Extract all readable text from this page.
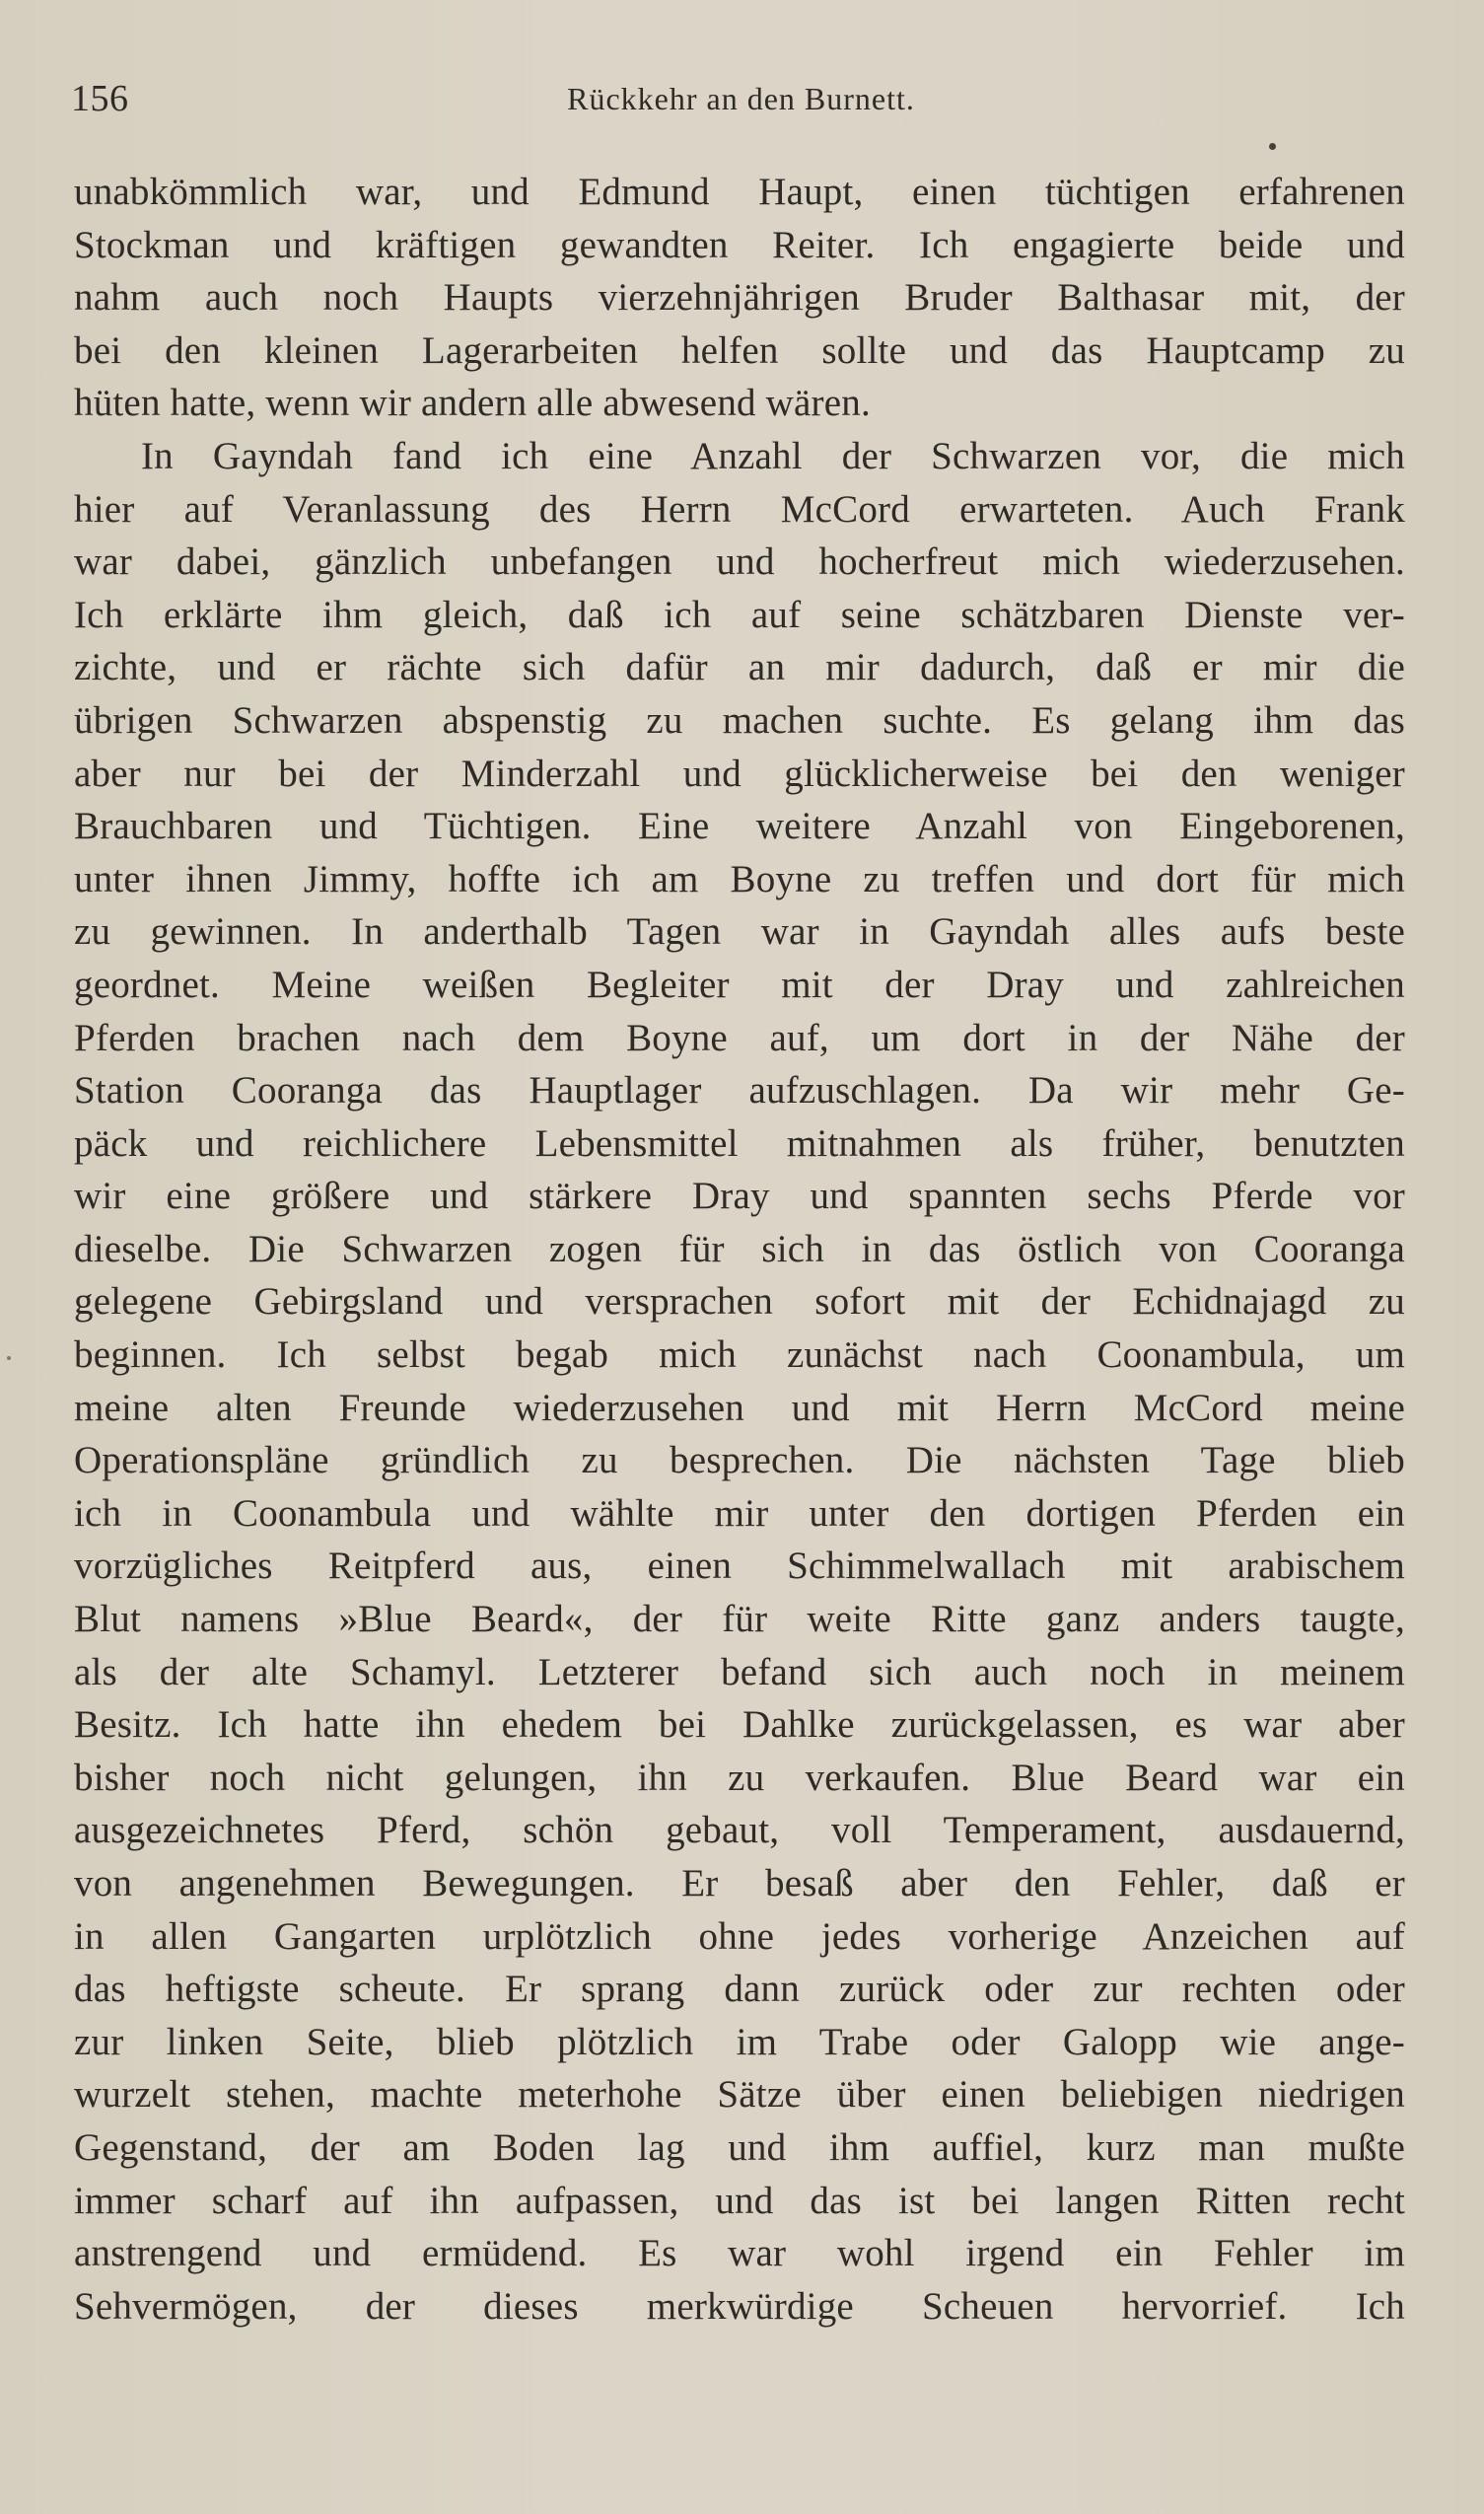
156	Rückkehr an den Burnett.
unabkömmlich war, und Edmund Haupt, einen tüchtigen erfahrenen
Stockman und kräftigen gewandten Reiter. Ich engagierte beide und
nahm auch noch Haupts vierzehnjährigen Bruder Balthasar mit, der
bei den kleinen Lagerarbeiten helfen sollte und das Hauptcamp zu
hüten hatte, wenn wir andern alle abwesend wären.
In Gayndah fand ich eine Anzahl der Schwarzen vor, die mich
hier auf Veranlassung des Herrn McCord erwarteten. Auch Frank
war dabei, gänzlich unbefangen und hocherfreut mich wiederzusehen.
Ich erklärte ihm gleich, daß ich auf seine schätzbaren Dienste ver-
zichte, und er rächte sich dafür an mir dadurch, daß er mir die
übrigen Schwarzen abspenstig zu machen suchte. Es gelang ihm das
aber nur bei der Minderzahl und glücklicherweise bei den weniger
Brauchbaren und Tüchtigen. Eine weitere Anzahl von Eingeborenen,
unter ihnen Jimmy, hoffte ich am Boyne zu treffen und dort für mich
zu gewinnen. In anderthalb Tagen war in Gayndah alles aufs beste
geordnet. Meine weißen Begleiter mit der Dray und zahlreichen
Pferden brachen nach dem Boyne auf, um dort in der Nähe der
Station Cooranga das Hauptlager aufzuschlagen. Da wir mehr Ge-
päck und reichlichere Lebensmittel mitnahmen als früher, benutzten
wir eine größere und stärkere Dray und spannten sechs Pferde vor
dieselbe. Die Schwarzen zogen für sich in das östlich von Cooranga
gelegene Gebirgsland und versprachen sofort mit der Echidnajagd zu
beginnen. Ich selbst begab mich zunächst nach Coonambula, um
meine alten Freunde wiederzusehen und mit Herrn McCord meine
Operationspläne gründlich zu besprechen. Die nächsten Tage blieb
ich in Coonambula und wählte mir unter den dortigen Pferden ein
vorzügliches Reitpferd aus, einen Schimmelwallach mit arabischem
Blut namens »Blue Beard«, der für weite Ritte ganz anders taugte,
als der alte Schamyl. Letzterer befand sich auch noch in meinem
Besitz. Ich hatte ihn ehedem bei Dahlke zurückgelassen, es war aber
bisher noch nicht gelungen, ihn zu verkaufen. Blue Beard war ein
ausgezeichnetes Pferd, schön gebaut, voll Temperament, ausdauernd,
von angenehmen Bewegungen. Er besaß aber den Fehler, daß er
in allen Gangarten urplötzlich ohne jedes vorherige Anzeichen auf
das heftigste scheute. Er sprang dann zurück oder zur rechten oder
zur linken Seite, blieb plötzlich im Trabe oder Galopp wie ange-
wurzelt stehen, machte meterhohe Sätze über einen beliebigen niedrigen
Gegenstand, der am Boden lag und ihm auffiel, kurz man mußte
immer scharf auf ihn aufpassen, und das ist bei langen Ritten recht
anstrengend und ermüdend. Es war wohl irgend ein Fehler im
Sehvermögen, der dieses merkwürdige Scheuen hervorrief. Ich
